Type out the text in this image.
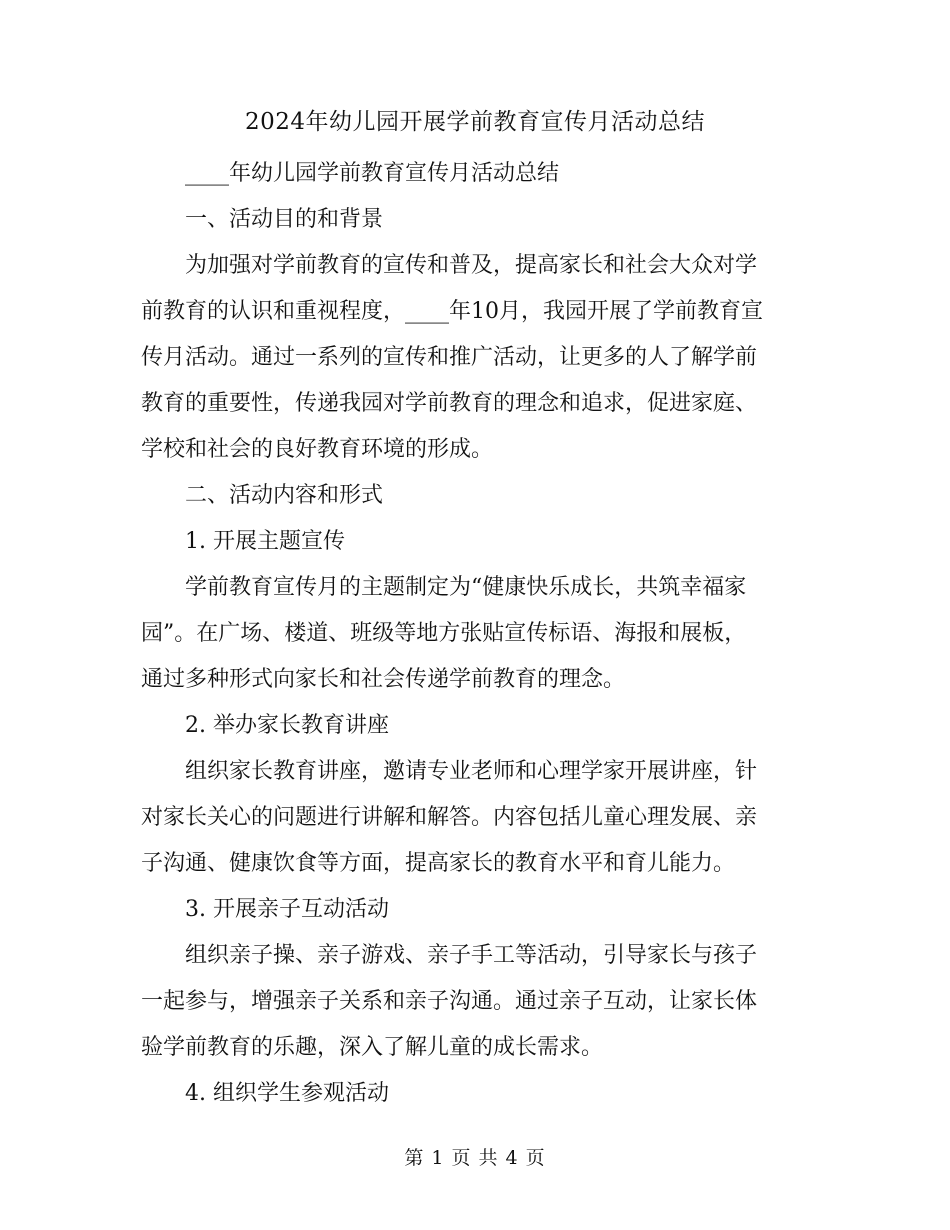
2024年幼儿园开展学前教育宣传月活动总结
____年幼儿园学前教育宣传月活动总结
一、活动目的和背景
为加强对学前教育的宣传和普及，提高家长和社会大众对学
前教育的认识和重视程度，____年10月，我园开展了学前教育宣
传月活动。通过一系列的宣传和推广活动，让更多的人了解学前
教育的重要性，传递我园对学前教育的理念和追求，促进家庭、
学校和社会的良好教育环境的形成。
二、活动内容和形式
1. 开展主题宣传
学前教育宣传月的主题制定为“健康快乐成长，共筑幸福家
园”。在广场、楼道、班级等地方张贴宣传标语、海报和展板，
通过多种形式向家长和社会传递学前教育的理念。
2. 举办家长教育讲座
组织家长教育讲座，邀请专业老师和心理学家开展讲座，针
对家长关心的问题进行讲解和解答。内容包括儿童心理发展、亲
子沟通、健康饮食等方面，提高家长的教育水平和育儿能力。
3. 开展亲子互动活动
组织亲子操、亲子游戏、亲子手工等活动，引导家长与孩子
一起参与，增强亲子关系和亲子沟通。通过亲子互动，让家长体
验学前教育的乐趣，深入了解儿童的成长需求。
4. 组织学生参观活动
第 1 页 共 4 页
